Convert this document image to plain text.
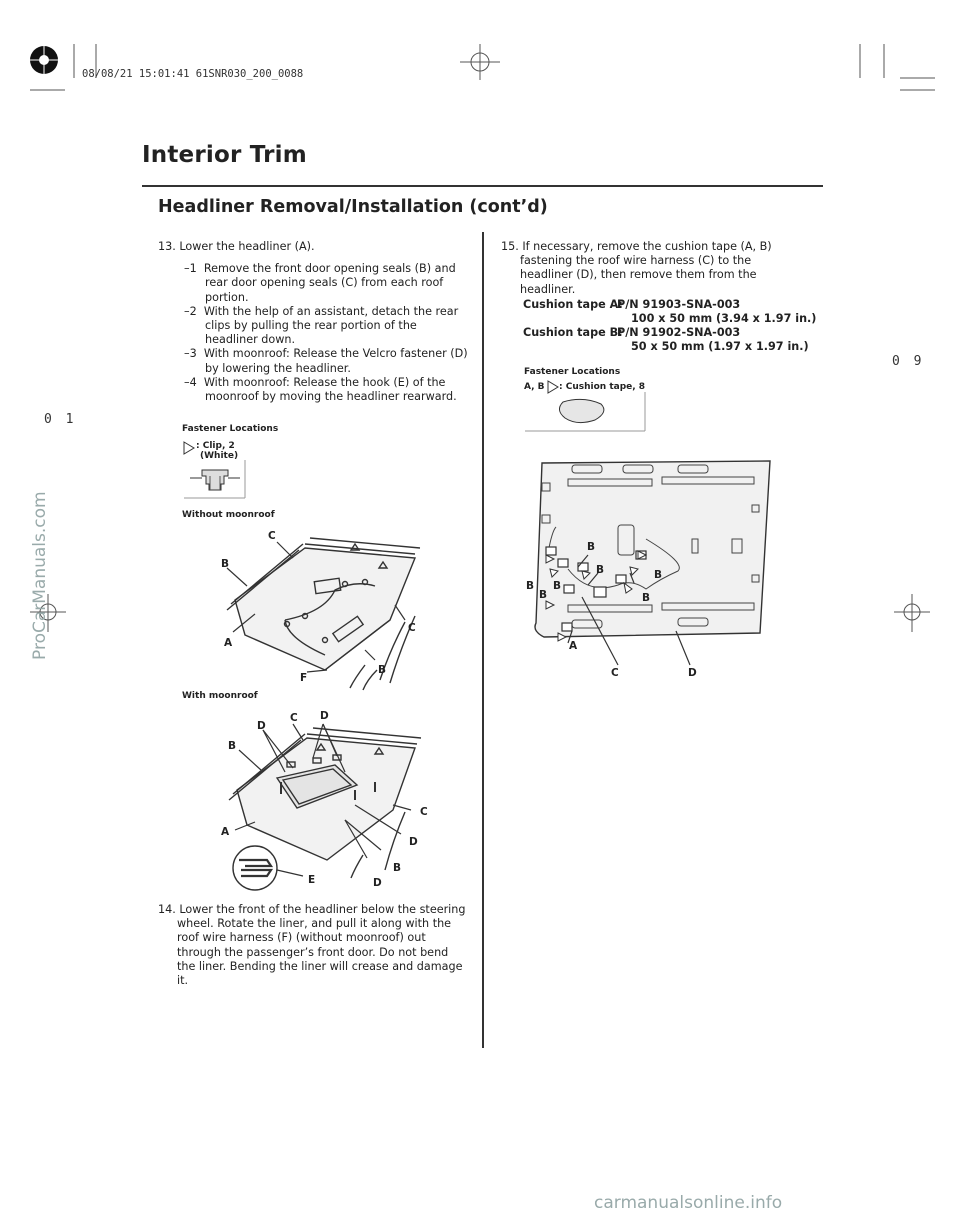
08/08/21 15:01:41 61SNR030_200_0088
0 9
0 1
Interior Trim
Headliner Removal/Installation (cont’d)
13. Lower the headliner (A).
–1 Remove the front door opening seals (B) and rear door opening seals (C) from each roof portion.
–2 With the help of an assistant, detach the rear clips by pulling the rear portion of the headliner down.
–3 With moonroof: Release the Velcro fastener (D) by lowering the headliner.
–4 With moonroof: Release the hook (E) of the moonroof by moving the headliner rearward.
Fastener Locations
: Clip, 2
(White)
Without moonroof
C
B
A
C
B
F
With moonroof
D
C D
B
C
A
D
B
E	D
14. Lower the front of the headliner below the steering wheel. Rotate the liner, and pull it along with the roof wire harness (F) (without moonroof) out through the passenger’s front door. Do not bend the liner. Bending the liner will crease and damage it.
15. If necessary, remove the cushion tape (A, B) fastening the roof wire harness (C) to the headliner (D), then remove them from the headliner.
Cushion tape A:
P/N 91903-SNA-003
100 x 50 mm (3.94 x 1.97 in.)
Cushion tape B:
P/N 91902-SNA-003
50 x 50 mm (1.97 x 1.97 in.)
Fastener Locations
A, B : Cushion tape, 8
B
B	B
B B
B	B
A
C	D
ProCarManuals.com
carmanualsonline.info
